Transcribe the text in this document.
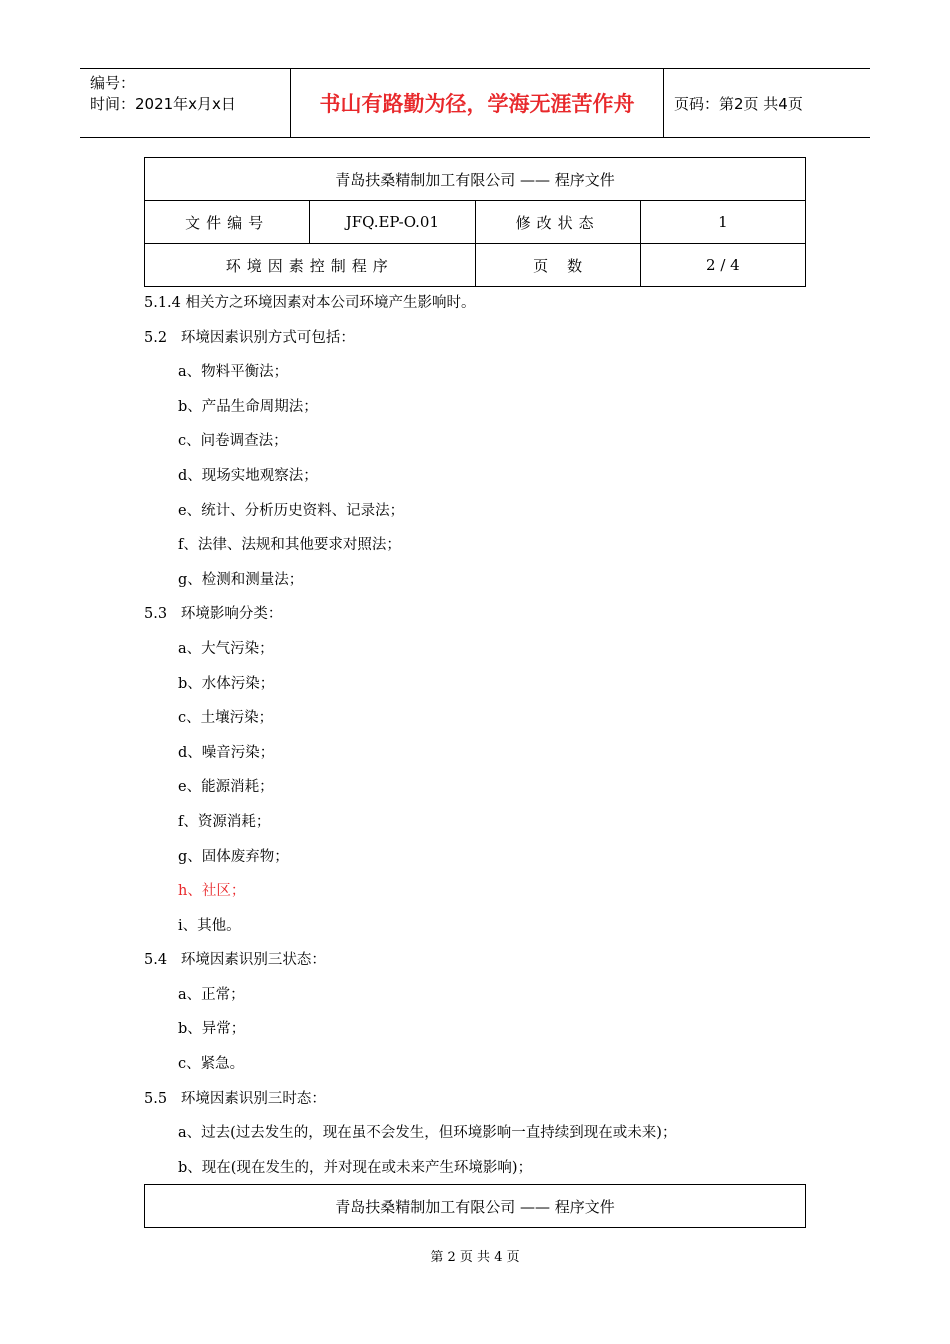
编号：
时间：2021年x月x日	书山有路勤为径，学海无涯苦作舟	页码：第2页 共4页
青岛扶桑精制加工有限公司 —— 程序文件			
文件编号	JFQ.EP-O.01	修改状态	1
环境因素控制程序		页    数	2 / 4
5.1.4 相关方之环境因素对本公司环境产生影响时。
5.2   环境因素识别方式可包括：
a、物料平衡法；
b、产品生命周期法；
c、问卷调查法；
d、现场实地观察法；
e、统计、分析历史资料、记录法；
f、法律、法规和其他要求对照法；
g、检测和测量法；
5.3   环境影响分类：
a、大气污染；
b、水体污染；
c、土壤污染；
d、噪音污染；
e、能源消耗；
f、资源消耗；
g、固体废弃物；
h、社区；
i、其他。
5.4   环境因素识别三状态：
a、正常；
b、异常；
c、紧急。
5.5   环境因素识别三时态：
a、过去(过去发生的，现在虽不会发生，但环境影响一直持续到现在或未来)；
b、现在(现在发生的，并对现在或未来产生环境影响)；
青岛扶桑精制加工有限公司 —— 程序文件
第 2 页 共 4 页
